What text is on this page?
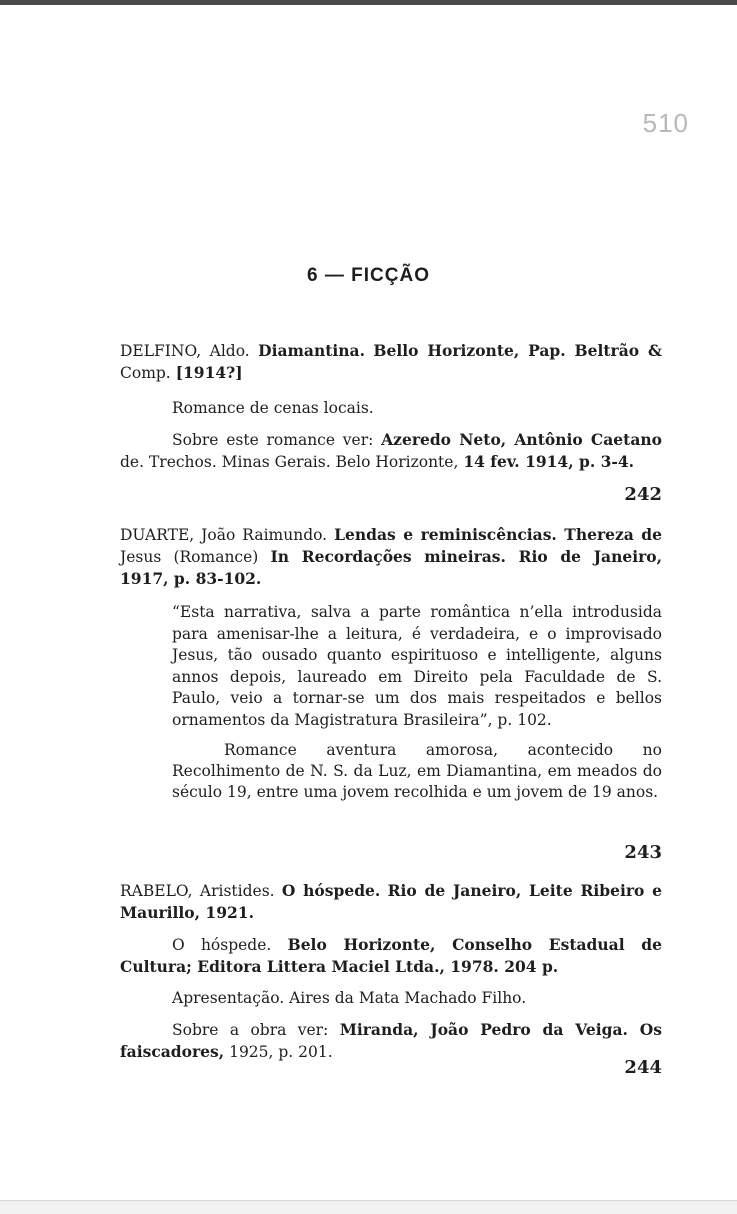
510
6 — FICÇÃO

DELFINO, Aldo. Diamantina. Bello Horizonte, Pap. Beltrão & Comp. [1914?]

Romance de cenas locais.

Sobre este romance ver: Azeredo Neto, Antônio Caetano de. Trechos. Minas Gerais. Belo Horizonte, 14 fev. 1914, p. 3-4.

242

DUARTE, João Raimundo. Lendas e reminiscências. Thereza de Jesus (Romance) In Recordações mineiras. Rio de Janeiro, 1917, p. 83-102.

“Esta narrativa, salva a parte romântica n’ella introdusida para amenisar-lhe a leitura, é verdadeira, e o improvisado Jesus, tão ousado quanto espirituoso e intelligente, alguns annos depois, laureado em Direito pela Faculdade de S. Paulo, veio a tornar-se um dos mais respeitados e bellos ornamentos da Magistratura Brasileira”, p. 102.

Romance aventura amorosa, acontecido no Recolhimento de N. S. da Luz, em Diamantina, em meados do século 19, entre uma jovem recolhida e um jovem de 19 anos.

243

RABELO, Aristides. O hóspede. Rio de Janeiro, Leite Ribeiro e Maurillo, 1921.

O hóspede. Belo Horizonte, Conselho Estadual de Cultura; Editora Littera Maciel Ltda., 1978. 204 p.

Apresentação. Aires da Mata Machado Filho.

Sobre a obra ver: Miranda, João Pedro da Veiga. Os faiscadores, 1925, p. 201.

244
